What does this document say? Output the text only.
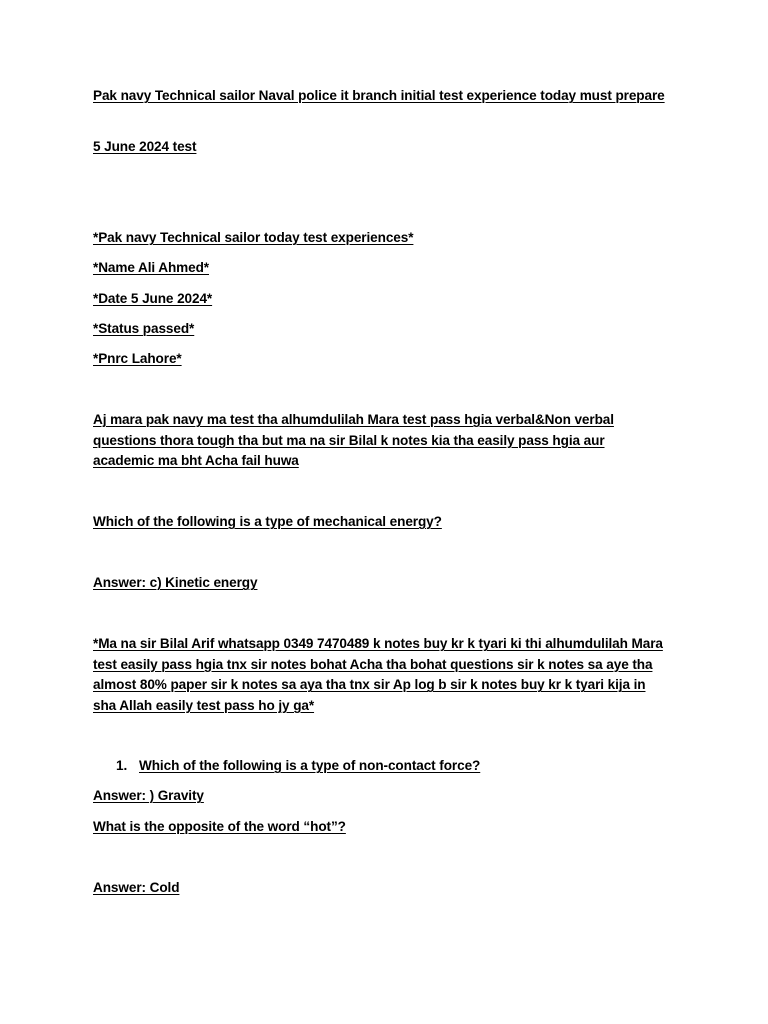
Pak navy Technical sailor Naval police it branch initial test experience today must prepare
5 June 2024 test
*Pak navy Technical sailor today test experiences*
*Name Ali Ahmed*
*Date 5 June 2024*
*Status passed*
*Pnrc Lahore*
Aj mara pak navy ma test tha alhumdulilah Mara test pass hgia verbal&Non verbal questions thora tough tha but ma na sir Bilal k notes kia tha easily pass hgia aur academic ma bht Acha fail huwa
Which of the following is a type of mechanical energy?
Answer: c) Kinetic energy
*Ma na sir Bilal Arif whatsapp 0349 7470489 k notes buy kr k tyari ki thi alhumdulilah Mara test easily pass hgia tnx sir notes bohat Acha tha bohat questions sir k notes sa aye tha almost 80% paper sir k notes sa aya tha tnx sir Ap log b sir k notes buy kr k tyari kija in sha Allah easily test pass ho jy ga*
1. Which of the following is a type of non-contact force?
Answer: ) Gravity
What is the opposite of the word “hot”?
Answer: Cold
